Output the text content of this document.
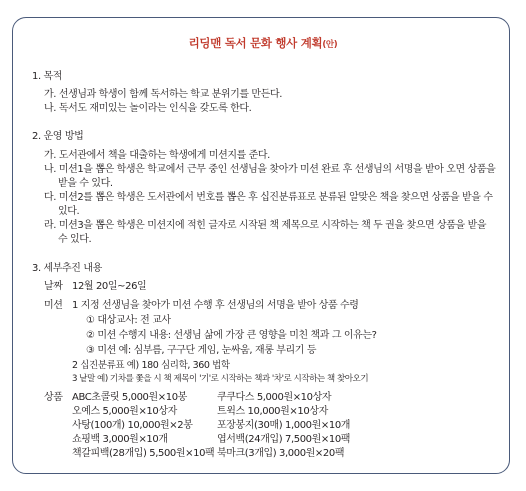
리딩맨 독서 문화 행사 계획(안)
1. 목적
가. 선생님과 학생이 함께 독서하는 학교 분위기를 만든다.
나. 독서도 재미있는 놀이라는 인식을 갖도록 한다.
2. 운영 방법
가. 도서관에서 책을 대출하는 학생에게 미션지를 준다.
나. 미션1을 뽑은 학생은 학교에서 근무 중인 선생님을 찾아가 미션 완료 후 선생님의 서명을 받아 오면 상품을
받을 수 있다.
다. 미션2를 뽑은 학생은 도서관에서 번호를 뽑은 후 십진분류표로 분류된 알맞은 책을 찾으면 상품을 받을 수
있다.
라. 미션3을 뽑은 학생은 미션지에 적힌 글자로 시작된 책 제목으로 시작하는 책 두 권을 찾으면 상품을 받을
수 있다.
3. 세부추진 내용
날짜 12월 20일~26일
미션 1 지정 선생님을 찾아가 미션 수행 후 선생님의 서명을 받아 상품 수령
① 대상교사: 전 교사
② 미션 수행지 내용: 선생님 삶에 가장 큰 영향을 미친 책과 그 이유는?
③ 미션 예: 심부름, 구구단 게임, 눈싸움, 재롱 부리기 등
2 십진분류표 예) 180 심리학, 360 법학
3 낱말 예) 기차를 쫓을 시 책 제목이 '기'로 시작하는 책과 '차'로 시작하는 책 찾아오기
상품 ABC초콜릿 5,000원×10봉
오예스 5,000원×10상자
사탕(100개) 10,000원×2봉
쇼핑백 3,000원×10개
책갈피백(28개입) 5,500원×10팩
쿠쿠다스 5,000원×10상자
트윅스 10,000원×10상자
포장봉지(30매) 1,000원×10개
엽서백(24개입) 7,500원×10팩
북마크(3개입) 3,000원×20팩
